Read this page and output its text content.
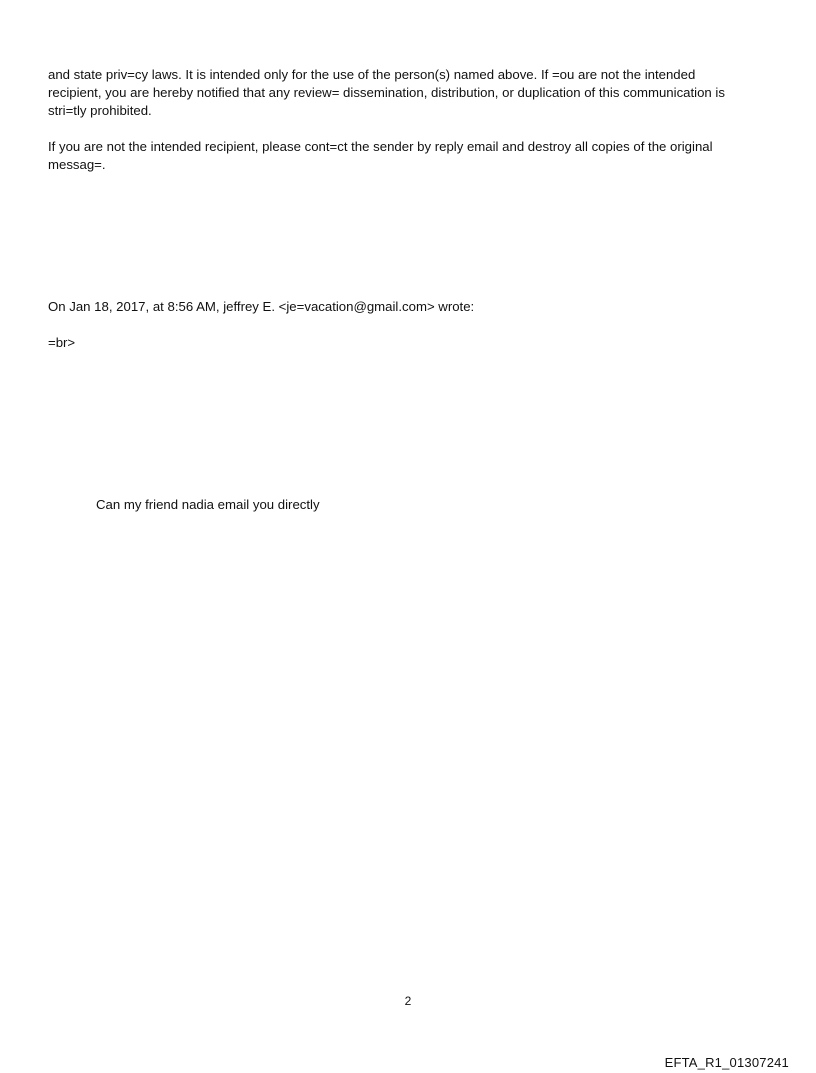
and state priv=cy laws. It is intended only for the use of the person(s) named above. If =ou are not the intended
recipient, you are hereby notified that any review= dissemination, distribution, or duplication of this communication is
stri=tly prohibited.

If you are not the intended recipient, please cont=ct the sender by reply email and destroy all copies of the original
messag=.

On Jan 18, 2017, at 8:56 AM, jeffrey E. <je=vacation@gmail.com> wrote:

=br>

Can my friend nadia email you directly

2
EFTA_R1_01307241
